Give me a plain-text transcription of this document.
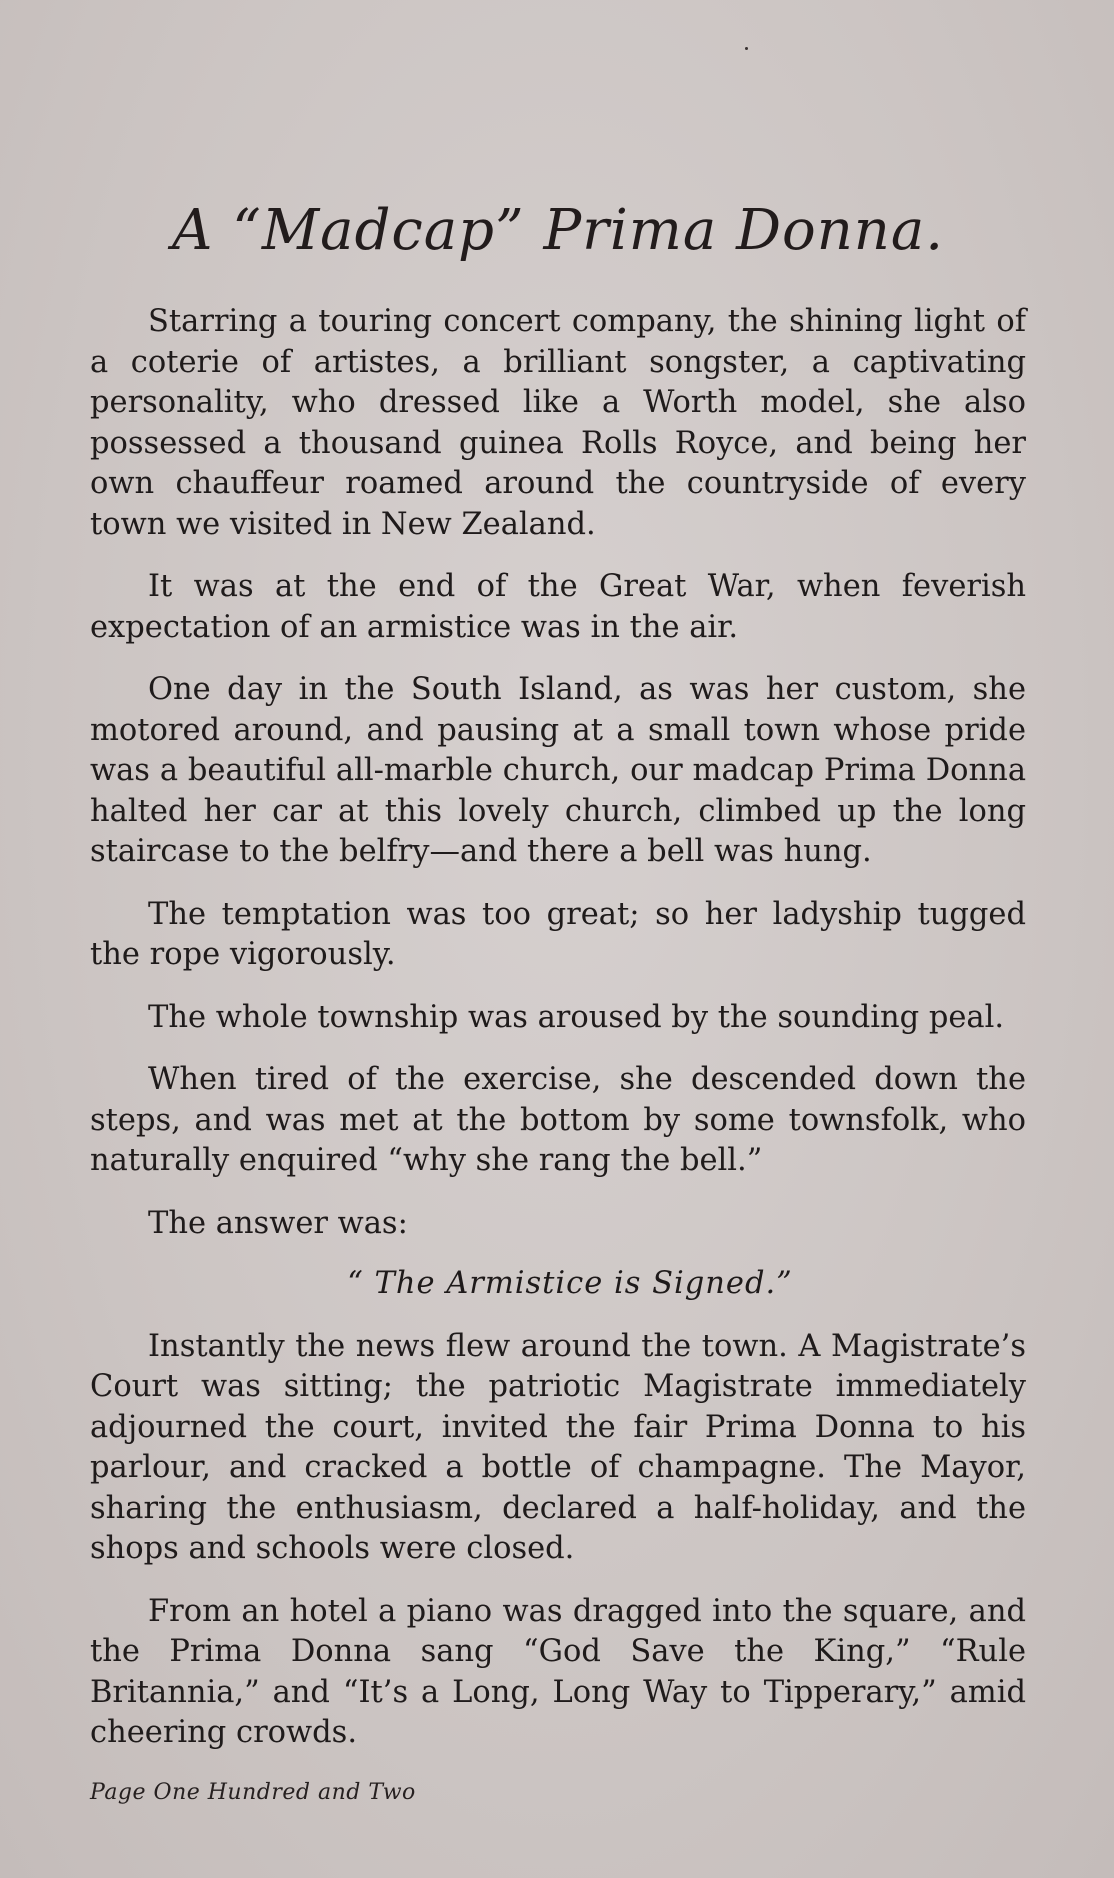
A “Madcap” Prima Donna.

Starring a touring concert company, the shining light of a coterie of artistes, a brilliant songster, a captivating personality, who dressed like a Worth model, she also possessed a thousand guinea Rolls Royce, and being her own chauffeur roamed around the countryside of every town we visited in New Zealand.

It was at the end of the Great War, when feverish expectation of an armistice was in the air.

One day in the South Island, as was her custom, she motored around, and pausing at a small town whose pride was a beautiful all-marble church, our madcap Prima Donna halted her car at this lovely church, climbed up the long staircase to the belfry—and there a bell was hung.

The temptation was too great; so her ladyship tugged the rope vigorously.

The whole township was aroused by the sounding peal.

When tired of the exercise, she descended down the steps, and was met at the bottom by some townsfolk, who naturally enquired “why she rang the bell.”

The answer was:

“ The Armistice is Signed.”

Instantly the news flew around the town. A Magistrate’s Court was sitting; the patriotic Magistrate immediately adjourned the court, invited the fair Prima Donna to his parlour, and cracked a bottle of champagne. The Mayor, sharing the enthusiasm, declared a half-holiday, and the shops and schools were closed.

From an hotel a piano was dragged into the square, and the Prima Donna sang “God Save the King,” “Rule Britannia,” and “It’s a Long, Long Way to Tipperary,” amid cheering crowds.

Page One Hundred and Two
